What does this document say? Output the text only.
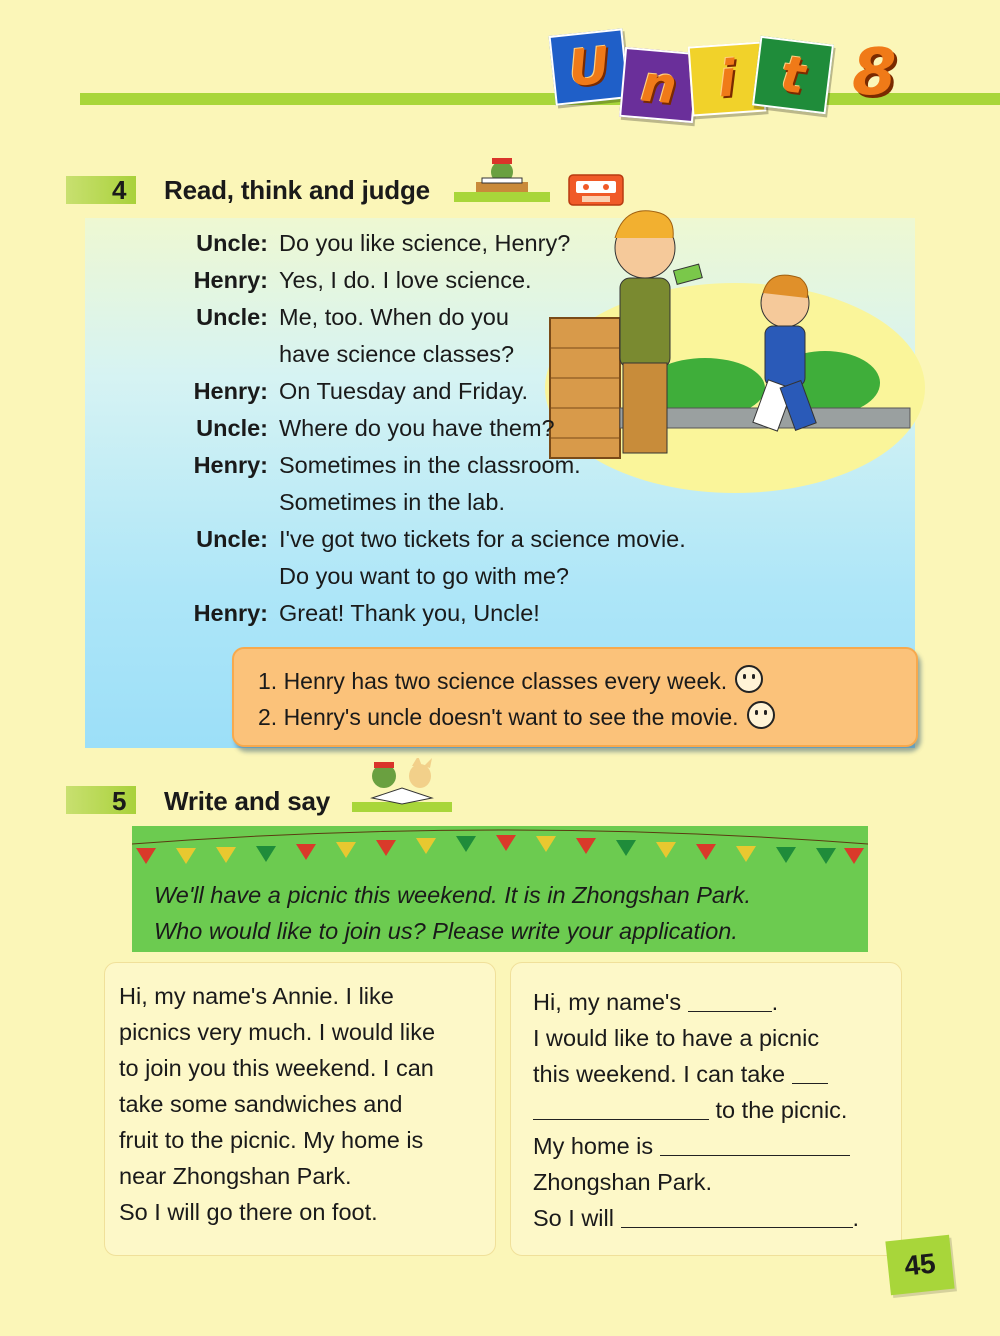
U n i t 8
4 Read, think and judge
Uncle: Do you like science, Henry?
Henry: Yes, I do. I love science.
Uncle: Me, too. When do you
have science classes?
Henry: On Tuesday and Friday.
Uncle: Where do you have them?
Henry: Sometimes in the classroom.
Sometimes in the lab.
Uncle: I've got two tickets for a science movie.
Do you want to go with me?
Henry: Great! Thank you, Uncle!
1. Henry has two science classes every week.
2. Henry's uncle doesn't want to see the movie.
5 Write and say
We'll have a picnic this weekend. It is in Zhongshan Park.
Who would like to join us? Please write your application.
Hi, my name's Annie. I like
picnics very much. I would like
to join you this weekend. I can
take some sandwiches and
fruit to the picnic. My home is
near Zhongshan Park.
So I will go there on foot.
Hi, my name's	.
I would like to have a picnic
this weekend. I can take
to the picnic.
My home is
Zhongshan Park.
So I will	.
45
